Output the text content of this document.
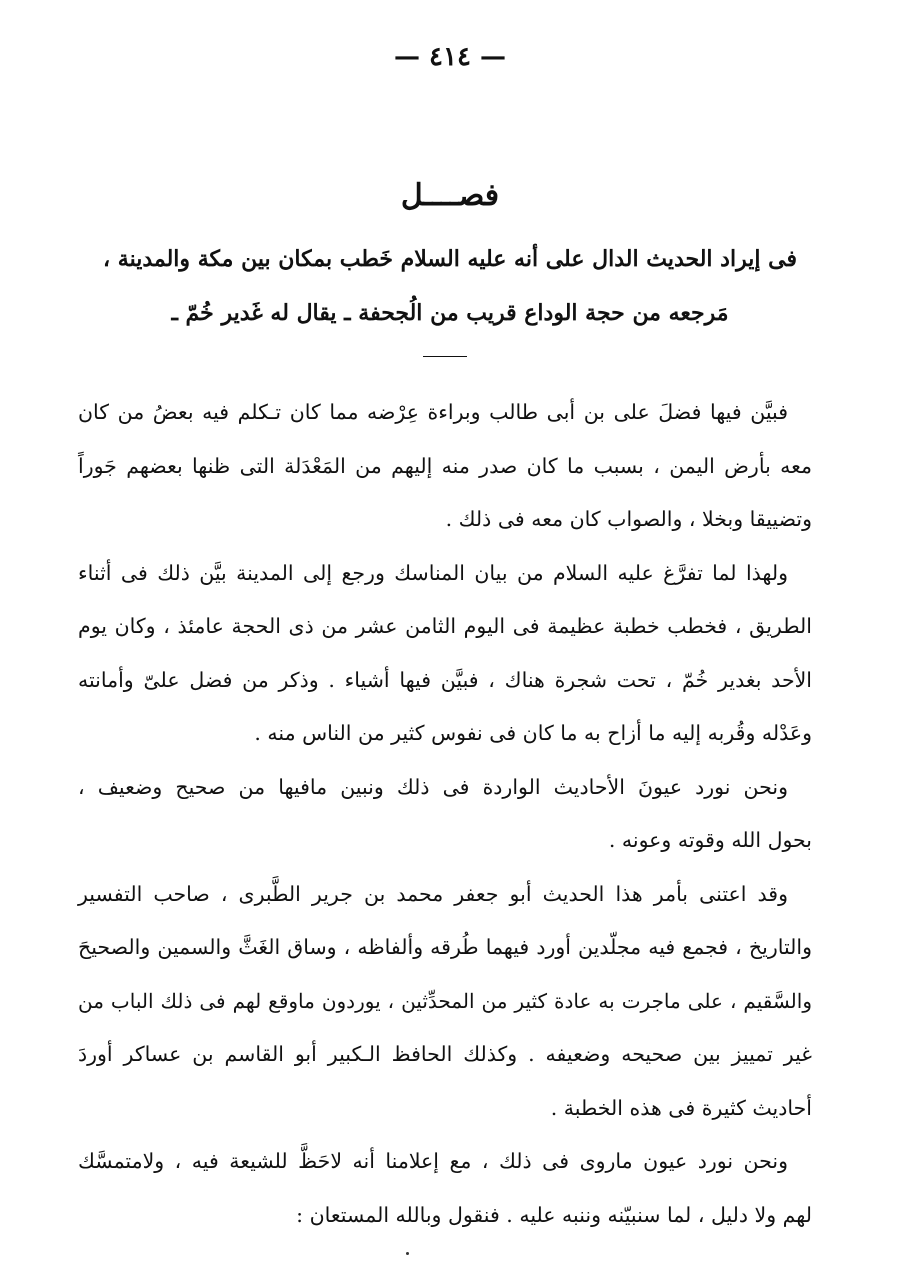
— ٤١٤ —
فصــــل
فى إيراد الحديث الدال على أنه عليه السلام خَطب بمكان بين مكة والمدينة ،
مَرجعه من حجة الوداع قريب من الُجحفة ـ يقال له غَدير خُمّ ـ
فبيَّن فيها فضلَ على بن أبى طالب وبراءة عِرْضه مما كان تـكلم فيه بعضُ من كان
معه بأرض اليمن ، بسبب ما كان صدر منه إليهم من المَعْدَلة التى ظنها بعضهم جَوراً
وتضييقا وبخلا ، والصواب كان معه فى ذلك .
ولهذا لما تفرَّغ عليه السلام من بيان المناسك ورجع إلى المدينة بيَّن ذلك فى أثناء
الطريق ، فخطب خطبة عظيمة فى اليوم الثامن عشر من ذى الحجة عامئذ ، وكان يوم
الأحد بغدير خُمّ ، تحت شجرة هناك ، فبيَّن فيها أشياء . وذكر من فضل علىّ وأمانته
وعَدْله وقُربه إليه ما أزاح به ما كان فى نفوس كثير من الناس منه .
ونحن نورد عيونَ الأحاديث الواردة فى ذلك ونبين مافيها من صحيح وضعيف ،
بحول الله وقوته وعونه .
وقد اعتنى بأمر هذا الحديث أبو جعفر محمد بن جرير الطَّبرى ، صاحب التفسير
والتاريخ ، فجمع فيه مجلّدين أورد فيهما طُرقه وألفاظه ، وساق الغَثَّ والسمين والصحيحَ
والسَّقيم ، على ماجرت به عادة كثير من المحدِّثين ، يوردون ماوقع لهم فى ذلك الباب من
غير تمييز بين صحيحه وضعيفه . وكذلك الحافظ الـكبير أبو القاسم بن عساكر أوردَ
أحاديث كثيرة فى هذه الخطبة .
ونحن نورد عيون ماروى فى ذلك ، مع إعلامنا أنه لاحَظَّ للشيعة فيه ، ولامتمسَّك
لهم ولا دليل ، لما سنبيّنه وننبه عليه . فنقول وبالله المستعان :
